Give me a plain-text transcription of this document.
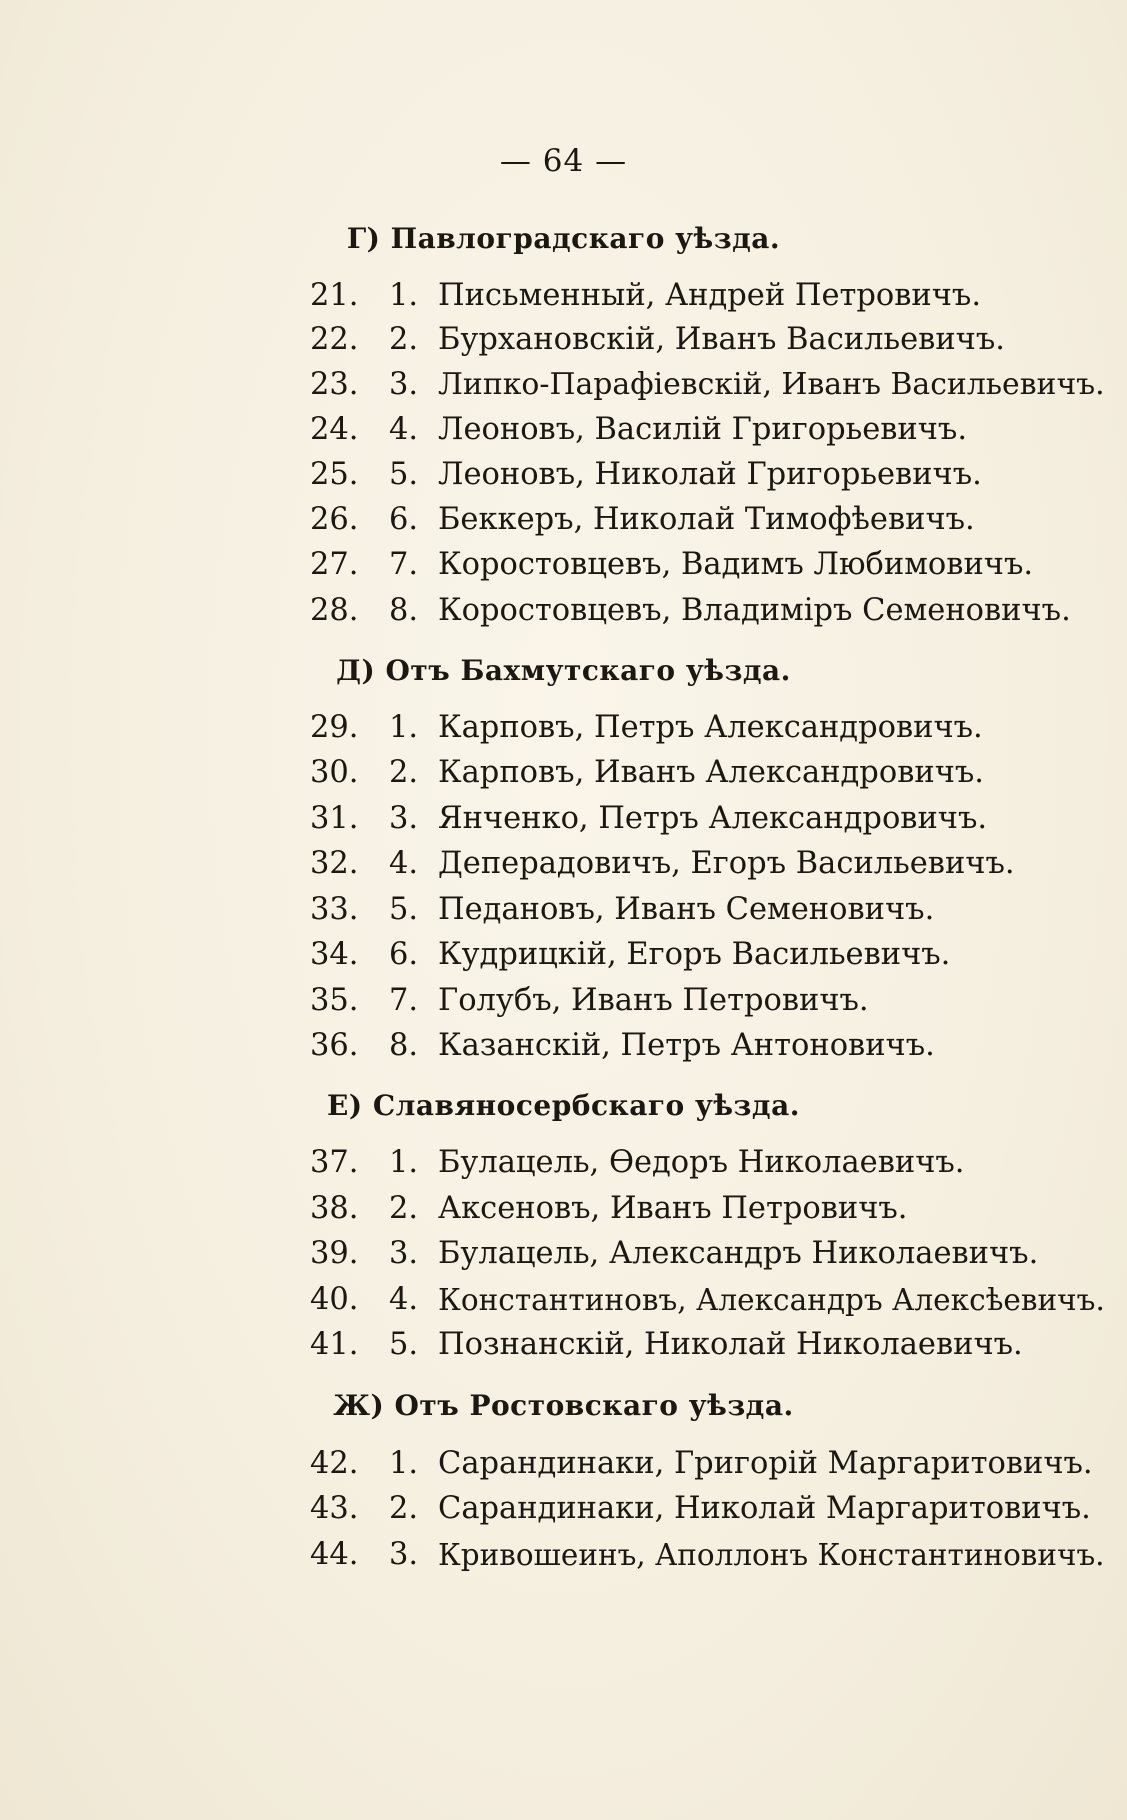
— 64 —
Г) Павлоградскаго уѣзда.
21. 1. Письменный, Андрей Петровичъ.
22. 2. Бурхановскій, Иванъ Васильевичъ.
23. 3. Липко-Парафіевскій, Иванъ Васильевичъ.
24. 4. Леоновъ, Василій Григорьевичъ.
25. 5. Леоновъ, Николай Григорьевичъ.
26. 6. Беккеръ, Николай Тимофѣевичъ.
27. 7. Коростовцевъ, Вадимъ Любимовичъ.
28. 8. Коростовцевъ, Владиміръ Семеновичъ.
Д) Отъ Бахмутскаго уѣзда.
29. 1. Карповъ, Петръ Александровичъ.
30. 2. Карповъ, Иванъ Александровичъ.
31. 3. Янченко, Петръ Александровичъ.
32. 4. Деперадовичъ, Егоръ Васильевичъ.
33. 5. Педановъ, Иванъ Семеновичъ.
34. 6. Кудрицкій, Егоръ Васильевичъ.
35. 7. Голубъ, Иванъ Петровичъ.
36. 8. Казанскій, Петръ Антоновичъ.
Е) Славяносербскаго уѣзда.
37. 1. Булацель, Ѳедоръ Николаевичъ.
38. 2. Аксеновъ, Иванъ Петровичъ.
39. 3. Булацель, Александръ Николаевичъ.
40. 4. Константиновъ, Александръ Алексѣевичъ.
41. 5. Познанскій, Николай Николаевичъ.
Ж) Отъ Ростовскаго уѣзда.
42. 1. Сарандинаки, Григорій Маргаритовичъ.
43. 2. Сарандинаки, Николай Маргаритовичъ.
44. 3. Кривошеинъ, Аполлонъ Константиновичъ.
